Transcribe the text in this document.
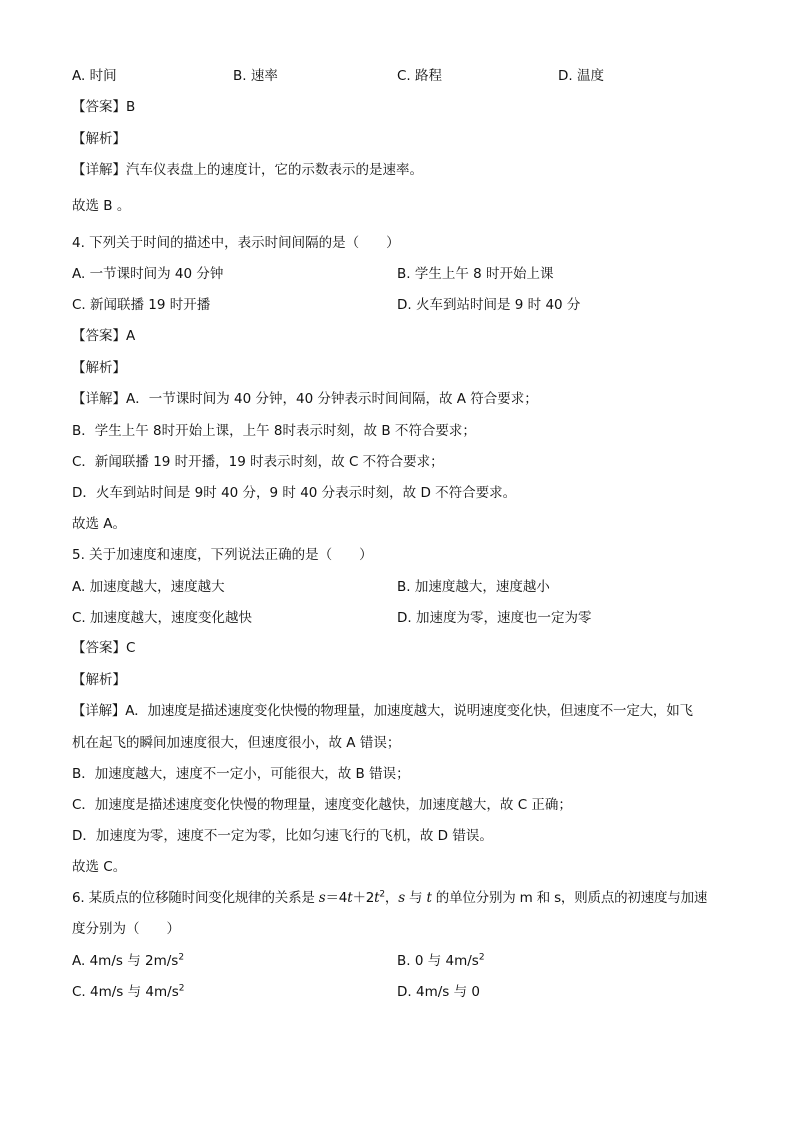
A. 时间	B. 速率	C. 路程	D. 温度
【答案】B
【解析】
【详解】汽车仪表盘上的速度计，它的示数表示的是速率。
故选 B 。
4. 下列关于时间的描述中，表示时间间隔的是（　　）
A. 一节课时间为 40 分钟	B. 学生上午 8 时开始上课
C. 新闻联播 19 时开播	D. 火车到站时间是 9 时 40 分
【答案】A
【解析】
【详解】A．一节课时间为 40 分钟，40 分钟表示时间间隔，故 A 符合要求；
B．学生上午 8时开始上课，上午 8时表示时刻，故 B 不符合要求；
C．新闻联播 19 时开播，19 时表示时刻，故 C 不符合要求；
D．火车到站时间是 9时 40 分，9 时 40 分表示时刻，故 D 不符合要求。
故选 A。
5. 关于加速度和速度，下列说法正确的是（　　）
A. 加速度越大，速度越大	B. 加速度越大，速度越小
C. 加速度越大，速度变化越快	D. 加速度为零，速度也一定为零
【答案】C
【解析】
【详解】A．加速度是描述速度变化快慢的物理量，加速度越大，说明速度变化快，但速度不一定大，如飞
机在起飞的瞬间加速度很大，但速度很小，故 A 错误；
B．加速度越大，速度不一定小，可能很大，故 B 错误；
C．加速度是描述速度变化快慢的物理量，速度变化越快，加速度越大，故 C 正确；
D．加速度为零，速度不一定为零，比如匀速飞行的飞机，故 D 错误。
故选 C。
6. 某质点的位移随时间变化规律的关系是 $s=4t+2t^2$，s 与 t 的单位分别为 m 和 s，则质点的初速度与加速
度分别为（　　）
A. 4m/s 与 $2m/s^2$	B. 0 与 $4m/s^2$
C. 4m/s 与 $4m/s^2$	D. 4m/s 与 0
